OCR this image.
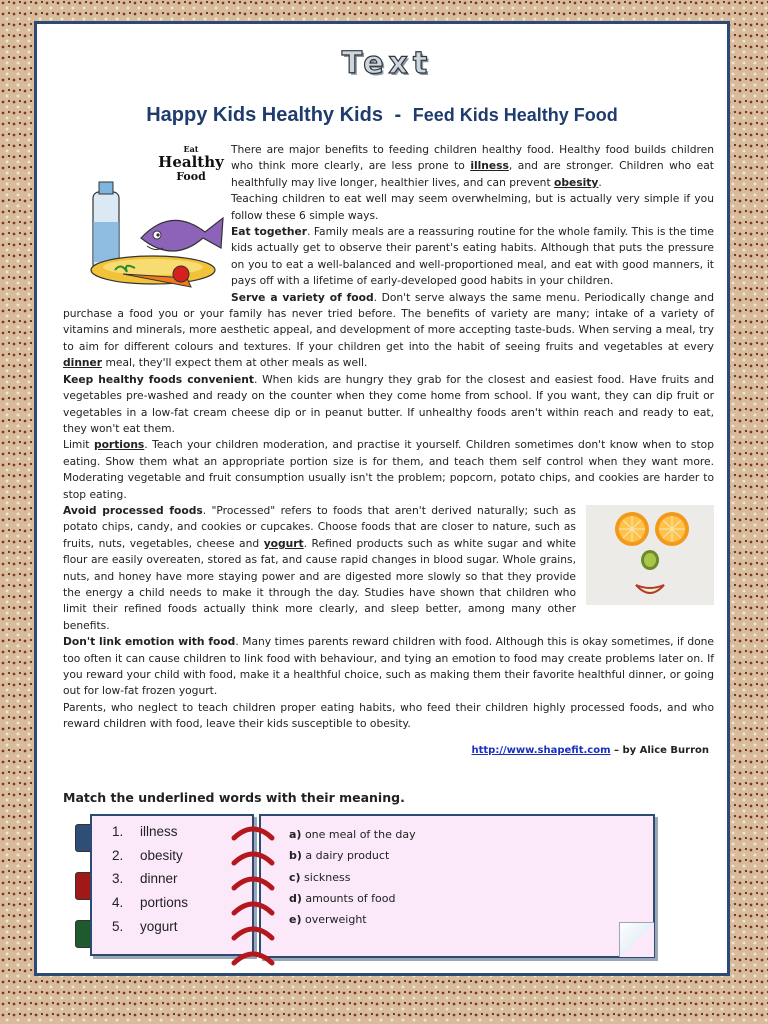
Text
Happy Kids Healthy Kids - Feed Kids Healthy Food

There are major benefits to feeding children healthy food
Eat
Healthy
Food
. Healthy food builds children who think more clearly, are less prone to illness, and are stronger. Children who eat healthfully may live longer, healthier lives, and can prevent obesity.

Teaching children to eat well may seem overwhelming, but is actually very simple if you follow these 6 simple ways.

Eat together. Family meals are a reassuring routine for the whole family. This is the time kids actually get to observe their parent's eating habits. Although that puts the pressure on you to eat a well-balanced and well-proportioned meal, and eat with good manners, it pays off with a lifetime of early-developed good habits in your children.

Serve a variety of food. Don't serve always the same menu. Periodically change and purchase a food you or your family has never tried before. The benefits of variety are many; intake of a variety of vitamins and minerals, more aesthetic appeal, and development of more accepting taste-buds. When serving a meal, try to aim for different colours and textures. If your children get into the habit of seeing fruits and vegetables at every dinner meal, they'll expect them at other meals as well.

Keep healthy foods convenient. When kids are hungry they grab for the closest and easiest food. Have fruits and vegetables pre-washed and ready on the counter when they come home from school. If you want, they can dip fruit or vegetables in a low-fat cream cheese dip or in peanut butter. If unhealthy foods aren't within reach and ready to eat, they won't eat them.

Limit portions. Teach your children moderation, and practise it yourself. Children sometimes don't know when to stop eating. Show them what an appropriate portion size is for them, and teach them self control when they want more. Moderating vegetable and fruit consumption usually isn't the problem; popcorn, potato chips, and cookies are harder to stop eating.

Avoid processed foods. "Processed" refers to foods that aren't derived naturally; such as potato chips, candy, and cookies or cupcakes. Choose foods that are closer to nature, such as fruits, nuts, vegetables, cheese and yogurt. Refined products such as white sugar and white flour are easily overeaten, stored as fat, and cause rapid changes in blood sugar. Whole grains, nuts, and honey have more staying power and are digested more slowly so that they provide the energy a child needs to make it through the day. Studies have shown that children who limit their refined foods actually think more clearly, and sleep better, among many other benefits.

Don't link emotion with food. Many times parents reward children with food. Although this is okay sometimes, if done too often it can cause children to link food with behaviour, and tying an emotion to food may create problems later on. If you reward your child with food, make it a healthful choice, such as making them their favorite healthful dinner, or going out for low-fat frozen yogurt.

Parents, who neglect to teach children proper eating habits, who feed their children highly processed foods, and who reward children with food, leave their kids susceptible to obesity.

http://www.shapefit.com – by Alice Burron
Match the underlined words with their meaning.
1. illness
2. obesity
3. dinner
4. portions
5. yogurt
a) one meal of the day
b) a dairy product
c) sickness
d) amounts of food
e) overweight
